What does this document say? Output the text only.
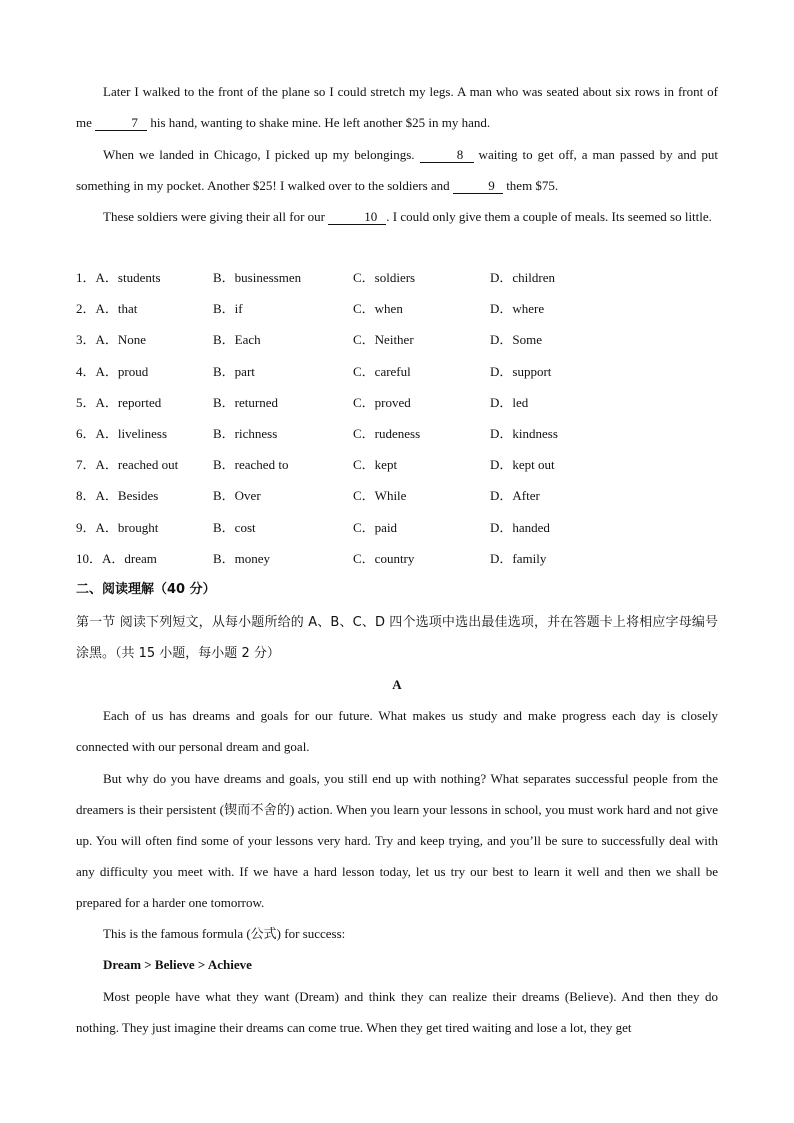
Later I walked to the front of the plane so I could stretch my legs. A man who was seated about six rows in front of me	7 his hand, wanting to shake mine. He left another $25 in my hand.
When we landed in Chicago, I picked up my belongings.	8 waiting to get off, a man passed by and put something in my pocket. Another $25! I walked over to the soldiers and	9 them $75.
These soldiers were giving their all for our	10 . I could only give them a couple of meals. Its seemed so little.
1．A．students	B．businessmen	C．soldiers	D．children
2．A．that	B．if	C．when	D．where
3．A．None	B．Each	C．Neither	D．Some
4．A．proud	B．part	C．careful	D．support
5．A．reported	B．returned	C．proved	D．led
6．A．liveliness	B．richness	C．rudeness	D．kindness
7．A．reached out	B．reached to	C．kept	D．kept out
8．A．Besides	B．Over	C．While	D．After
9．A．brought	B．cost	C．paid	D．handed
10．A．dream	B．money	C．country	D．family
二、阅读理解（40 分）
第一节 阅读下列短文，从每小题所给的 A、B、C、D 四个选项中选出最佳选项，并在答题卡上将相应字母编号涂黑。（共 15 小题，每小题 2 分）
A
Each of us has dreams and goals for our future. What makes us study and make progress each day is closely connected with our personal dream and goal.
But why do you have dreams and goals, you still end up with nothing? What separates successful people from the dreamers is their persistent (锲而不舍的) action. When you learn your lessons in school, you must work hard and not give up. You will often find some of your lessons very hard. Try and keep trying, and you’ll be sure to successfully deal with any difficulty you meet with. If we have a hard lesson today, let us try our best to learn it well and then we shall be prepared for a harder one tomorrow.
This is the famous formula (公式) for success:
Dream > Believe > Achieve
Most people have what they want (Dream) and think they can realize their dreams (Believe). And then they do nothing. They just imagine their dreams can come true. When they get tired waiting and lose a lot, they get
